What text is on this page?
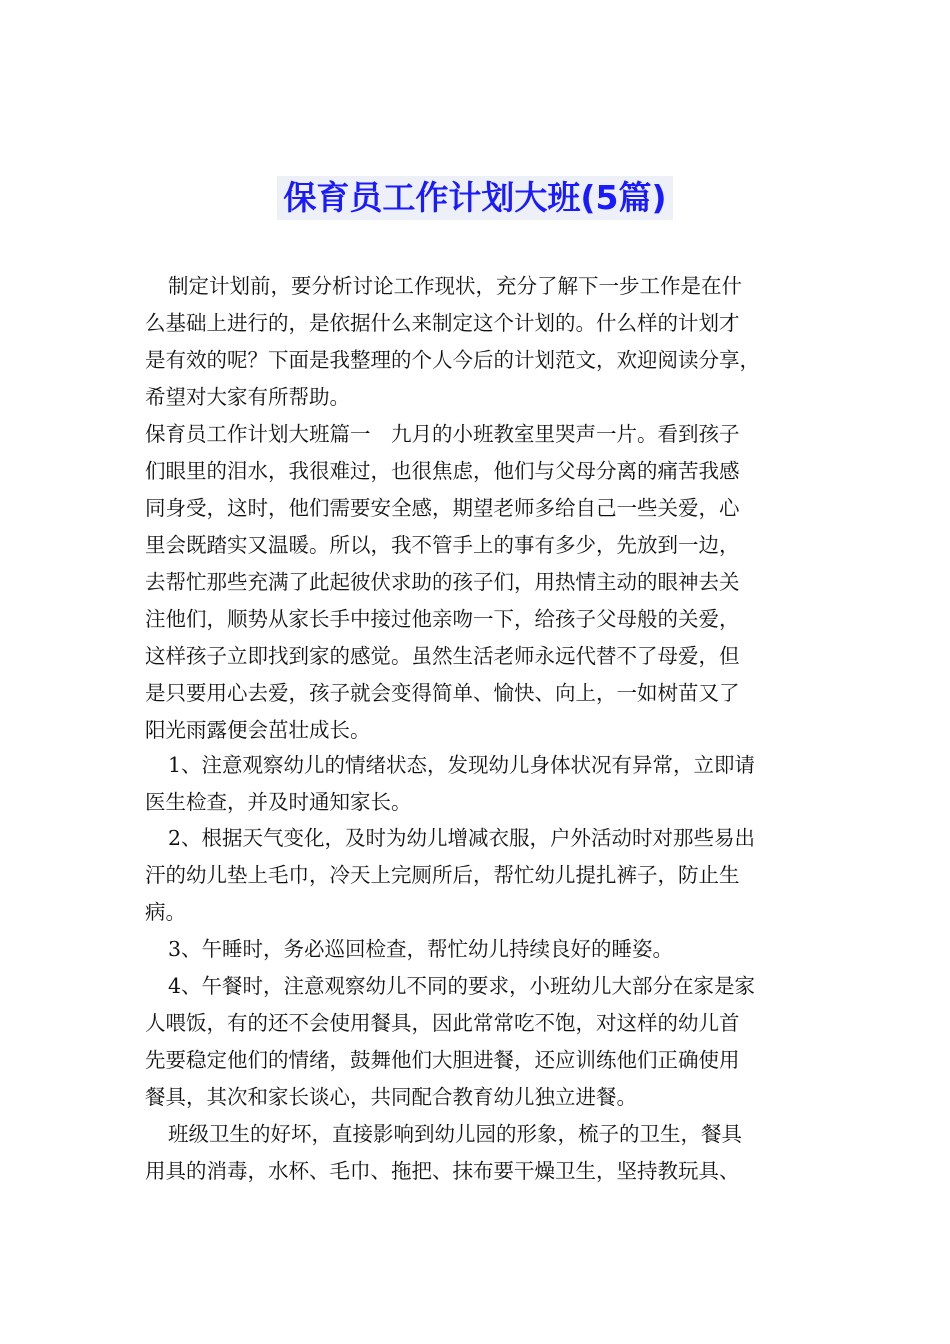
保育员工作计划大班(5篇)

制定计划前，要分析讨论工作现状，充分了解下一步工作是在什
么基础上进行的，是依据什么来制定这个计划的。什么样的计划才
是有效的呢？下面是我整理的个人今后的计划范文，欢迎阅读分享，
希望对大家有所帮助。

保育员工作计划大班篇一　九月的小班教室里哭声一片。看到孩子
们眼里的泪水，我很难过，也很焦虑，他们与父母分离的痛苦我感
同身受，这时，他们需要安全感，期望老师多给自己一些关爱，心
里会既踏实又温暖。所以，我不管手上的事有多少，先放到一边，
去帮忙那些充满了此起彼伏求助的孩子们，用热情主动的眼神去关
注他们，顺势从家长手中接过他亲吻一下，给孩子父母般的关爱，
这样孩子立即找到家的感觉。虽然生活老师永远代替不了母爱，但
是只要用心去爱，孩子就会变得简单、愉快、向上，一如树苗又了
阳光雨露便会茁壮成长。

1、注意观察幼儿的情绪状态，发现幼儿身体状况有异常，立即请
医生检查，并及时通知家长。

2、根据天气变化，及时为幼儿增减衣服，户外活动时对那些易出
汗的幼儿垫上毛巾，冷天上完厕所后，帮忙幼儿提扎裤子，防止生
病。

3、午睡时，务必巡回检查，帮忙幼儿持续良好的睡姿。

4、午餐时，注意观察幼儿不同的要求，小班幼儿大部分在家是家
人喂饭，有的还不会使用餐具，因此常常吃不饱，对这样的幼儿首
先要稳定他们的情绪，鼓舞他们大胆进餐，还应训练他们正确使用
餐具，其次和家长谈心，共同配合教育幼儿独立进餐。

班级卫生的好坏，直接影响到幼儿园的形象，梳子的卫生，餐具
用具的消毒，水杯、毛巾、拖把、抹布要干燥卫生，坚持教玩具、
